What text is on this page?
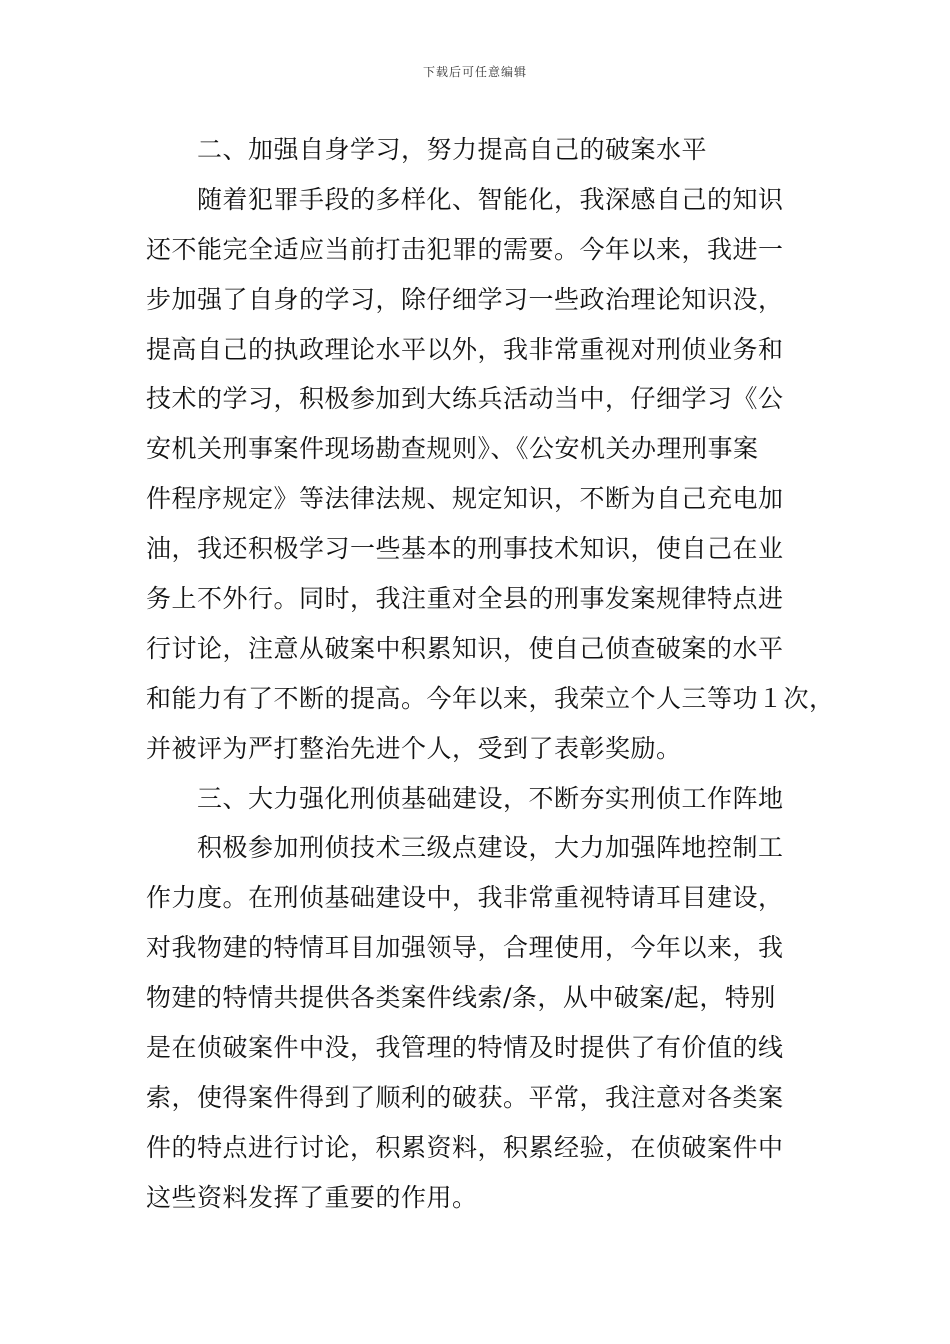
下载后可任意编辑
二、加强自身学习，努力提高自己的破案水平
随着犯罪手段的多样化、智能化，我深感自己的知识
还不能完全适应当前打击犯罪的需要。今年以来，我进一
步加强了自身的学习，除仔细学习一些政治理论知识没，
提高自己的执政理论水平以外，我非常重视对刑侦业务和
技术的学习，积极参加到大练兵活动当中，仔细学习《公
安机关刑事案件现场勘查规则》、《公安机关办理刑事案
件程序规定》等法律法规、规定知识，不断为自己充电加
油，我还积极学习一些基本的刑事技术知识，使自己在业
务上不外行。同时，我注重对全县的刑事发案规律特点进
行讨论，注意从破案中积累知识，使自己侦查破案的水平
和能力有了不断的提高。今年以来，我荣立个人三等功１次，
并被评为严打整治先进个人，受到了表彰奖励。
三、大力强化刑侦基础建设，不断夯实刑侦工作阵地
积极参加刑侦技术三级点建设，大力加强阵地控制工
作力度。在刑侦基础建设中，我非常重视特请耳目建设，
对我物建的特情耳目加强领导，合理使用，今年以来，我
物建的特情共提供各类案件线索/条，从中破案/起，特别
是在侦破案件中没，我管理的特情及时提供了有价值的线
索，使得案件得到了顺利的破获。平常，我注意对各类案
件的特点进行讨论，积累资料，积累经验，在侦破案件中
这些资料发挥了重要的作用。
